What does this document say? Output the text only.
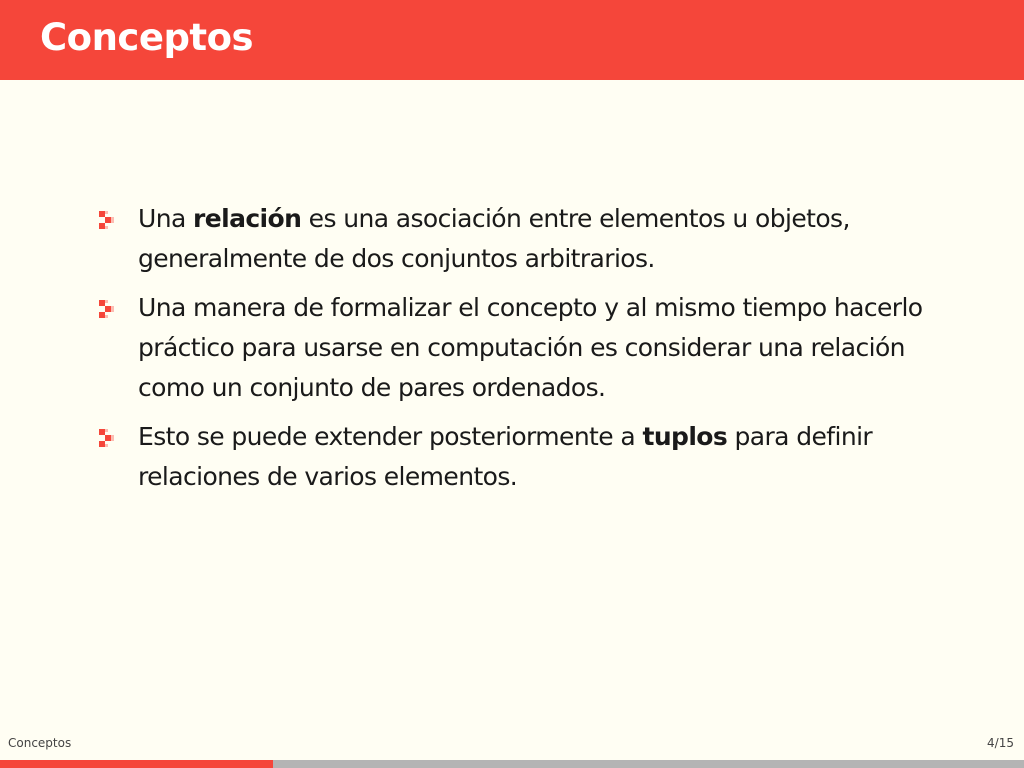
Conceptos
Una relación es una asociación entre elementos u objetos, generalmente de dos conjuntos arbitrarios.
Una manera de formalizar el concepto y al mismo tiempo hacerlo práctico para usarse en computación es considerar una relación como un conjunto de pares ordenados.
Esto se puede extender posteriormente a tuplos para definir relaciones de varios elementos.
Conceptos	4/15
